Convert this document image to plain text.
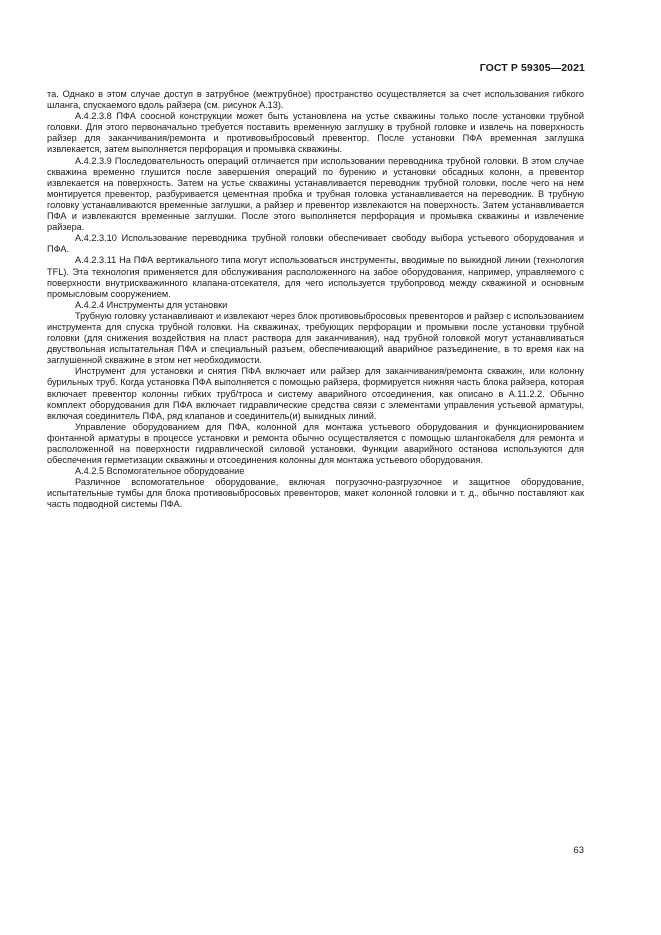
ГОСТ Р 59305—2021

та. Однако в этом случае доступ в затрубное (межтрубное) пространство осуществляется за счет использования гибкого шланга, спускаемого вдоль райзера (см. рисунок А.13).

А.4.2.3.8 ПФА соосной конструкции может быть установлена на устье скважины только после установки трубной головки. Для этого первоначально требуется поставить временную заглушку в трубной головке и извлечь на поверхность райзер для заканчивания/ремонта и противовыбросовый превентор. После установки ПФА временная заглушка извлекается, затем выполняется перфорация и промывка скважины.

А.4.2.3.9 Последовательность операций отличается при использовании переводника трубной головки. В этом случае скважина временно глушится после завершения операций по бурению и установки обсадных колонн, а превентор извлекается на поверхность. Затем на устье скважины устанавливается переводник трубной головки, после чего на нем монтируется превентор, разбуривается цементная пробка и трубная головка устанавливается на переводник. В трубную головку устанавливаются временные заглушки, а райзер и превентор извлекаются на поверхность. Затем устанавливается ПФА и извлекаются временные заглушки. После этого выполняется перфорация и промывка скважины и извлечение райзера.

А.4.2.3.10 Использование переводника трубной головки обеспечивает свободу выбора устьевого оборудования и ПФА.

А.4.2.3.11 На ПФА вертикального типа могут использоваться инструменты, вводимые по выкидной линии (технология TFL). Эта технология применяется для обслуживания расположенного на забое оборудования, например, управляемого с поверхности внутрискважинного клапана-отсекателя, для чего используется трубопровод между скважиной и основным промысловым сооружением.

А.4.2.4 Инструменты для установки

Трубную головку устанавливают и извлекают через блок противовыбросовых превенторов и райзер с использованием инструмента для спуска трубной головки. На скважинах, требующих перфорации и промывки после установки трубной головки (для снижения воздействия на пласт раствора для заканчивания), над трубной головкой могут устанавливаться двуствольная испытательная ПФА и специальный разъем, обеспечивающий аварийное разъединение, в то время как на заглушенной скважине в этом нет необходимости.

Инструмент для установки и снятия ПФА включает или райзер для заканчивания/ремонта скважин, или колонну бурильных труб. Когда установка ПФА выполняется с помощью райзера, формируется нижняя часть блока райзера, которая включает превентор колонны гибких труб/троса и систему аварийного отсоединения, как описано в А.11.2.2. Обычно комплект оборудования для ПФА включает гидравлические средства связи с элементами управления устьевой арматуры, включая соединитель ПФА, ряд клапанов и соединитель(и) выкидных линий.

Управление оборудованием для ПФА, колонной для монтажа устьевого оборудования и функционированием фонтанной арматуры в процессе установки и ремонта обычно осуществляется с помощью шлангокабеля для ремонта и расположенной на поверхности гидравлической силовой установки. Функции аварийного останова используются для обеспечения герметизации скважины и отсоединения колонны для монтажа устьевого оборудования.

А.4.2.5 Вспомогательное оборудование

Различное вспомогательное оборудование, включая погрузочно-разгрузочное и защитное оборудование, испытательные тумбы для блока противовыбросовых превенторов, макет колонной головки и т. д., обычно поставляют как часть подводной системы ПФА.

63
